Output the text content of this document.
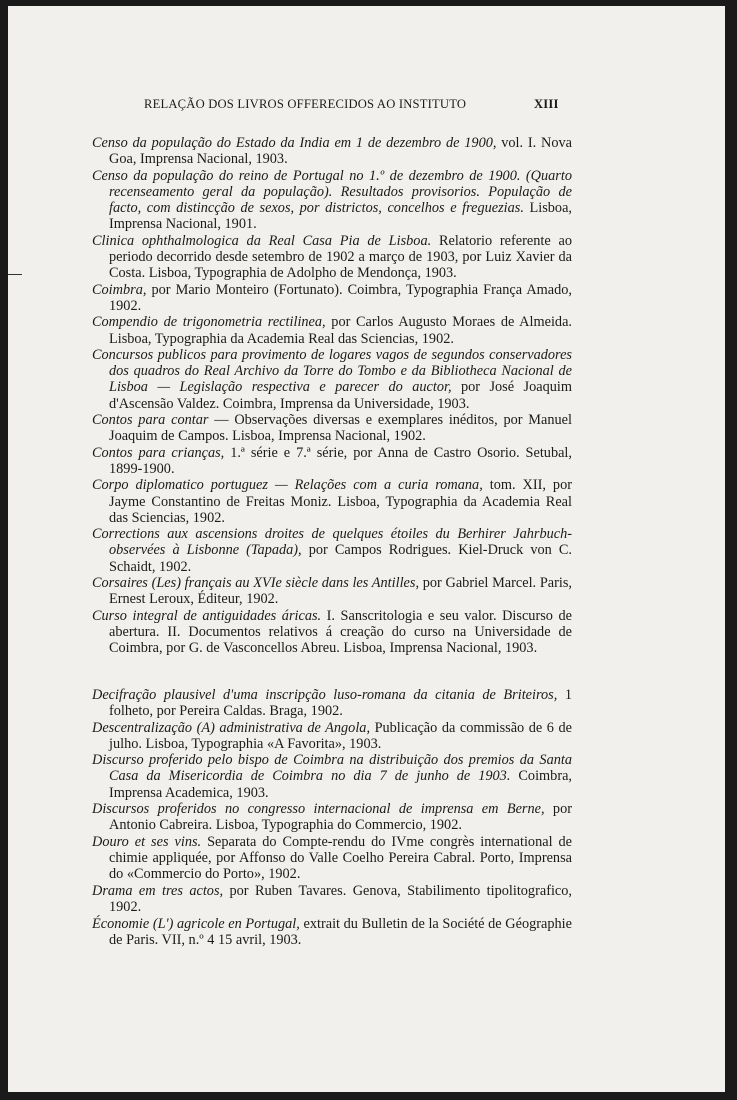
RELAÇÃO DOS LIVROS OFFERECIDOS AO INSTITUTO	XIII

Censo da população do Estado da India em 1 de dezembro de 1900, vol. I. Nova Goa, Imprensa Nacional, 1903.

Censo da população do reino de Portugal no 1.º de dezembro de 1900. (Quarto recenseamento geral da população). Resultados provisorios. População de facto, com distincção de sexos, por districtos, concelhos e freguezias. Lisboa, Imprensa Nacional, 1901.

Clinica ophthalmologica da Real Casa Pia de Lisboa. Relatorio referente ao periodo decorrido desde setembro de 1902 a março de 1903, por Luiz Xavier da Costa. Lisboa, Typographia de Adolpho de Mendonça, 1903.

Coimbra, por Mario Monteiro (Fortunato). Coimbra, Typographia França Amado, 1902.

Compendio de trigonometria rectilinea, por Carlos Augusto Moraes de Almeida. Lisboa, Typographia da Academia Real das Sciencias, 1902.

Concursos publicos para provimento de logares vagos de segundos conservadores dos quadros do Real Archivo da Torre do Tombo e da Bibliotheca Nacional de Lisboa — Legislação respectiva e parecer do auctor, por José Joaquim d'Ascensão Valdez. Coimbra, Imprensa da Universidade, 1903.

Contos para contar — Observações diversas e exemplares inéditos, por Manuel Joaquim de Campos. Lisboa, Imprensa Nacional, 1902.

Contos para crianças, 1.ª série e 7.ª série, por Anna de Castro Osorio. Setubal, 1899-1900.

Corpo diplomatico portuguez — Relações com a curia romana, tom. XII, por Jayme Constantino de Freitas Moniz. Lisboa, Typographia da Academia Real das Sciencias, 1902.

Corrections aux ascensions droites de quelques étoiles du Berhirer Jahrbuch-observées à Lisbonne (Tapada), por Campos Rodrigues. Kiel-Druck von C. Schaidt, 1902.

Corsaires (Les) français au XVIe siècle dans les Antilles, por Gabriel Marcel. Paris, Ernest Leroux, Éditeur, 1902.

Curso integral de antiguidades áricas. I. Sanscritologia e seu valor. Discurso de abertura. II. Documentos relativos á creação do curso na Universidade de Coimbra, por G. de Vasconcellos Abreu. Lisboa, Imprensa Nacional, 1903.

Decifração plausivel d'uma inscripção luso-romana da citania de Briteiros, 1 folheto, por Pereira Caldas. Braga, 1902.

Descentralização (A) administrativa de Angola, Publicação da commissão de 6 de julho. Lisboa, Typographia «A Favorita», 1903.

Discurso proferido pelo bispo de Coimbra na distribuição dos premios da Santa Casa da Misericordia de Coimbra no dia 7 de junho de 1903. Coimbra, Imprensa Academica, 1903.

Discursos proferidos no congresso internacional de imprensa em Berne, por Antonio Cabreira. Lisboa, Typographia do Commercio, 1902.

Douro et ses vins. Separata do Compte-rendu do IVme congrès international de chimie appliquée, por Affonso do Valle Coelho Pereira Cabral. Porto, Imprensa do «Commercio do Porto», 1902.

Drama em tres actos, por Ruben Tavares. Genova, Stabilimento tipolitografico, 1902.

Économie (L') agricole en Portugal, extrait du Bulletin de la Société de Géographie de Paris. VII, n.º 4 15 avril, 1903.
